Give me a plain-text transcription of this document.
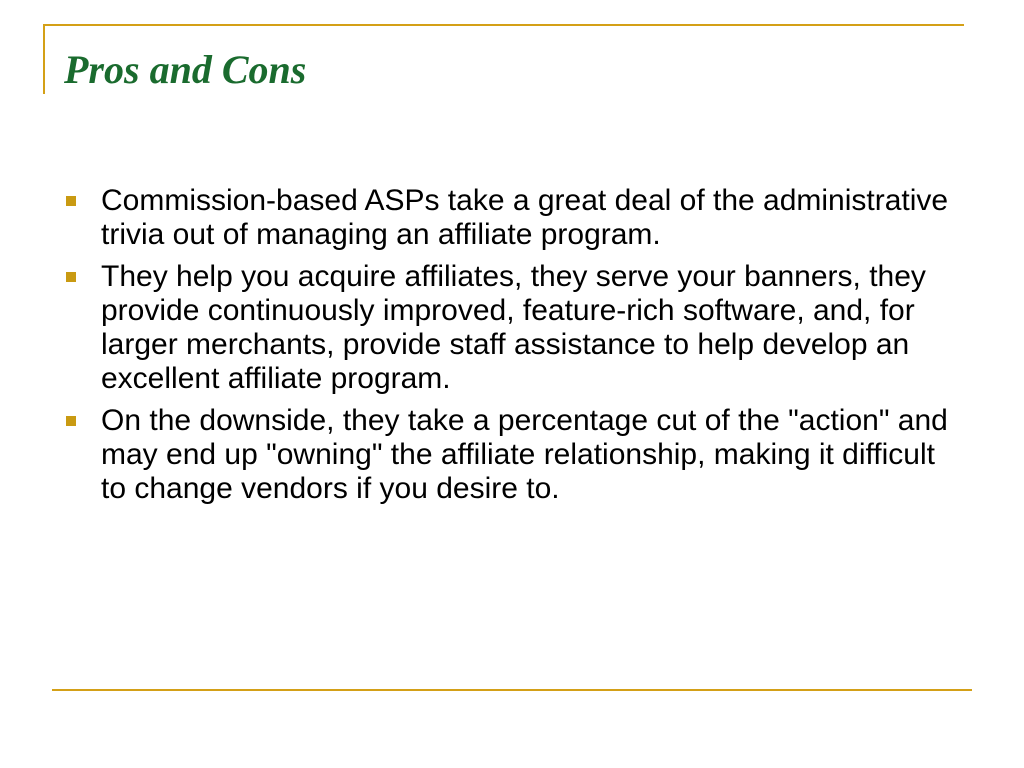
Pros and Cons
Commission-based ASPs take a great deal of the administrative trivia out of managing an affiliate program.
They help you acquire affiliates, they serve your banners, they provide continuously improved, feature-rich software, and, for larger merchants, provide staff assistance to help develop an excellent affiliate program.
On the downside, they take a percentage cut of the "action" and may end up "owning" the affiliate relationship, making it difficult to change vendors if you desire to.
